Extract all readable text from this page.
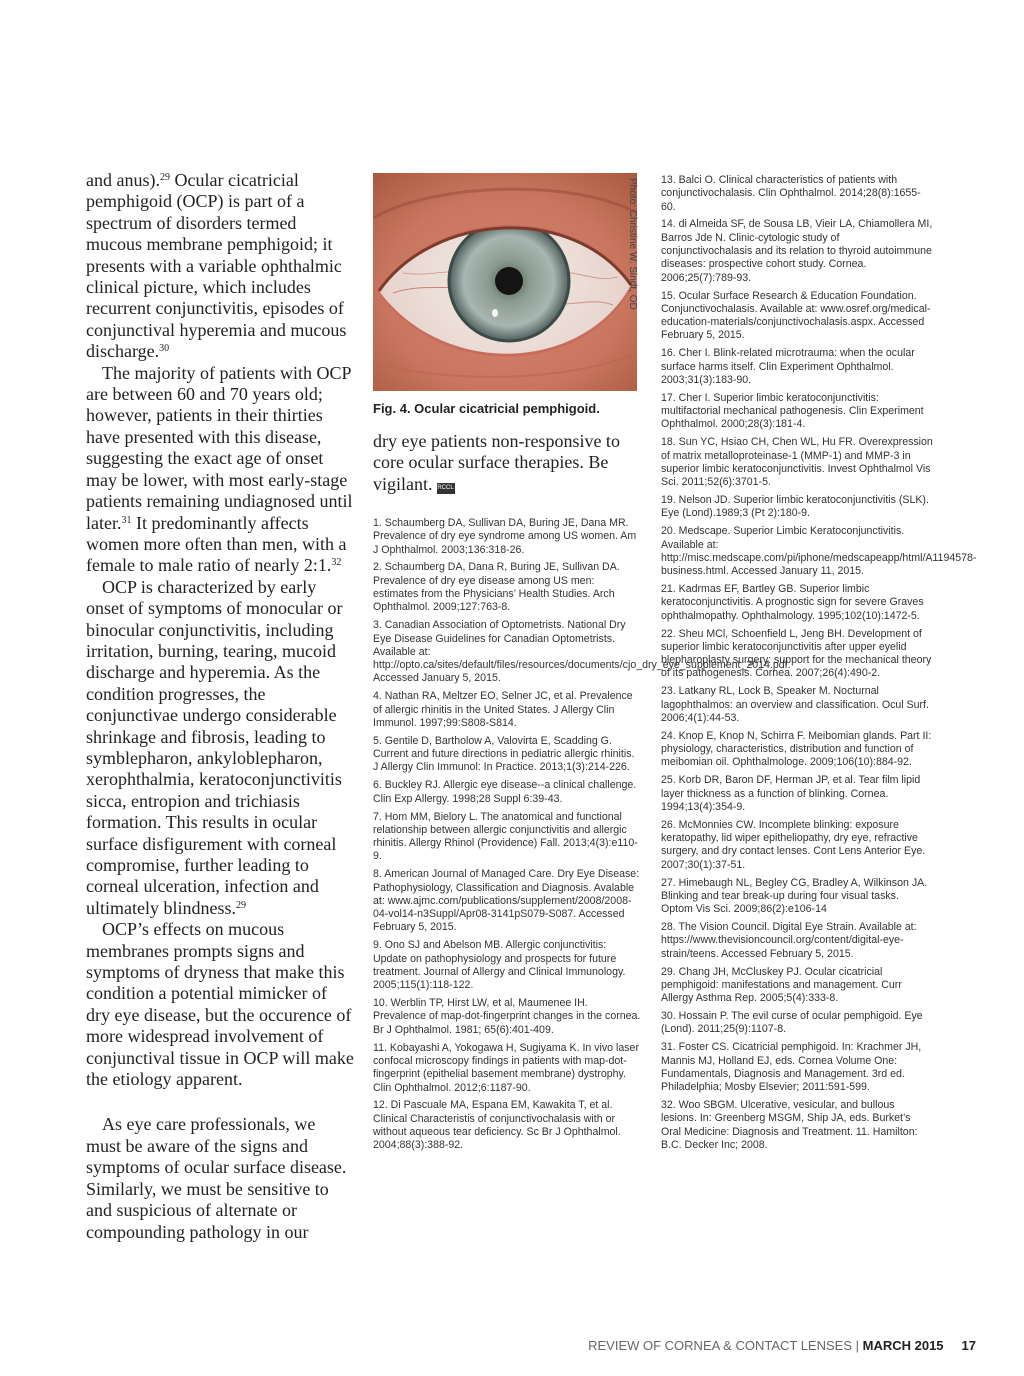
and anus).$^{29}$ Ocular cicatricial pemphigoid (OCP) is part of a spectrum of disorders termed mucous membrane pemphigoid; it presents with a variable ophthalmic clinical picture, which includes recurrent conjunctivitis, episodes of conjunctival hyperemia and mucous discharge.$^{30}$

The majority of patients with OCP are between 60 and 70 years old; however, patients in their thirties have presented with this disease, suggesting the exact age of onset may be lower, with most early-stage patients remaining undiagnosed until later.$^{31}$ It predominantly affects women more often than men, with a female to male ratio of nearly 2:1.32

OCP is characterized by early onset of symptoms of monocular or binocular conjunctivitis, including irritation, burning, tearing, mucoid discharge and hyperemia. As the condition progresses, the conjunctivae undergo considerable shrinkage and fibrosis, leading to symblepharon, ankyloblepharon, xerophthalmia, keratoconjunctivitis sicca, entropion and trichiasis formation. This results in ocular surface disfigurement with corneal compromise, further leading to corneal ulceration, infection and ultimately blindness.$^{29}$

OCP’s effects on mucous membranes prompts signs and symptoms of dryness that make this condition a potential mimicker of dry eye disease, but the occurence of more widespread involvement of conjunctival tissue in OCP will make the etiology apparent.

As eye care professionals, we must be aware of the signs and symptoms of ocular surface disease. Similarly, we must be sensitive to and suspicious of alternate or compounding pathology in our

Photo: Christine W. Sindt, OD
Fig. 4. Ocular cicatricial pemphigoid.
dry eye patients non-responsive to core ocular surface therapies. Be vigilant. RCCL

1. Schaumberg DA, Sullivan DA, Buring JE, Dana MR. Prevalence of dry eye syndrome among US women. Am J Ophthalmol. 2003;136:318-26.

2. Schaumberg DA, Dana R, Buring JE, Sullivan DA. Prevalence of dry eye disease among US men: estimates from the Physicians’ Health Studies. Arch Ophthalmol. 2009;127:763-8.

3. Canadian Association of Optometrists. National Dry Eye Disease Guidelines for Canadian Optometrists. Available at: http://opto.ca/sites/default/files/resources/documents/cjo_dry_eye_supplement_2014.pdf. Accessed January 5, 2015.

4. Nathan RA, Meltzer EO, Selner JC, et al. Prevalence of allergic rhinitis in the United States. J Allergy Clin Immunol. 1997;99:S808-S814.

5. Gentile D, Bartholow A, Valovirta E, Scadding G. Current and future directions in pediatric allergic rhinitis. J Allergy Clin Immunol: In Practice. 2013;1(3):214-226.

6. Buckley RJ. Allergic eye disease--a clinical challenge. Clin Exp Allergy. 1998;28 Suppl 6:39-43.

7. Hom MM, Bielory L. The anatomical and functional relationship between allergic conjunctivitis and allergic rhinitis. Allergy Rhinol (Providence) Fall. 2013;4(3):e110-9.

8. American Journal of Managed Care. Dry Eye Disease: Pathophysiology, Classification and Diagnosis. Avalable at: www.ajmc.com/publications/supplement/2008/2008-04-vol14-n3Suppl/Apr08-3141pS079-S087. Accessed February 5, 2015.

9. Ono SJ and Abelson MB. Allergic conjunctivitis: Update on pathophysiology and prospects for future treatment. Journal of Allergy and Clinical Immunology. 2005;115(1):118-122.

10. Werblin TP, Hirst LW, et al, Maumenee IH. Prevalence of map-dot-fingerprint changes in the cornea. Br J Ophthalmol. 1981; 65(6):401-409.

11. Kobayashi A, Yokogawa H, Sugiyama K. In vivo laser confocal microscopy findings in patients with map-dot-fingerprint (epithelial basement membrane) dystrophy. Clin Ophthalmol. 2012;6:1187-90.

12. Di Pascuale MA, Espana EM, Kawakita T, et al. Clinical Characteristis of conjunctivochalasis with or without aqueous tear deficiency. Sc Br J Ophthalmol. 2004;88(3):388-92.

13. Balci O. Clinical characteristics of patients with conjunctivochalasis. Clin Ophthalmol. 2014;28(8):1655-60.

14. di Almeida SF, de Sousa LB, Vieir LA, Chiamollera MI, Barros Jde N. Clinic-cytologic study of conjunctivochalasis and its relation to thyroid autoimmune diseases: prospective cohort study. Cornea. 2006;25(7):789-93.

15. Ocular Surface Research & Education Foundation. Conjunctivochalasis. Available at: www.osref.org/medical-education-materials/conjunctivochalasis.aspx. Accessed February 5, 2015.

16. Cher I. Blink-related microtrauma: when the ocular surface harms itself. Clin Experiment Ophthalmol. 2003;31(3):183-90.

17. Cher I. Superior limbic keratoconjunctivitis: multifactorial mechanical pathogenesis. Clin Experiment Ophthalmol. 2000;28(3):181-4.

18. Sun YC, Hsiao CH, Chen WL, Hu FR. Overexpression of matrix metalloproteinase-1 (MMP-1) and MMP-3 in superior limbic keratoconjunctivitis. Invest Ophthalmol Vis Sci. 2011;52(6):3701-5.

19. Nelson JD. Superior limbic keratoconjunctivitis (SLK). Eye (Lond).1989;3 (Pt 2):180-9.

20. Medscape. Superior Limbic Keratoconjunctivitis. Available at: http://misc.medscape.com/pi/iphone/medscapeapp/html/A1194578-business.html. Accessed January 11, 2015.

21. Kadrmas EF, Bartley GB. Superior limbic keratoconjunctivitis. A prognostic sign for severe Graves ophthalmopathy. Ophthalmology. 1995;102(10):1472-5.

22. Sheu MCl, Schoenfield L, Jeng BH. Development of superior limbic keratoconjunctivitis after upper eyelid blepharoplasty surgery: support for the mechanical theory of its pathogenesis. Cornea. 2007;26(4):490-2.

23. Latkany RL, Lock B, Speaker M. Nocturnal lagophthalmos: an overview and classification. Ocul Surf. 2006;4(1):44-53.

24. Knop E, Knop N, Schirra F. Meibomian glands. Part II: physiology, characteristics, distribution and function of meibomian oil. Ophthalmologe. 2009;106(10):884-92.

25. Korb DR, Baron DF, Herman JP, et al. Tear film lipid layer thickness as a function of blinking. Cornea. 1994;13(4):354-9.

26. McMonnies CW. Incomplete blinking: exposure keratopathy, lid wiper epitheliopathy, dry eye, refractive surgery, and dry contact lenses. Cont Lens Anterior Eye. 2007;30(1):37-51.

27. Himebaugh NL, Begley CG, Bradley A, Wilkinson JA. Blinking and tear break-up during four visual tasks. Optom Vis Sci. 2009;86(2):e106-14

28. The Vision Council. Digital Eye Strain. Available at: https://www.thevisioncouncil.org/content/digital-eye-strain/teens. Accessed February 5, 2015.

29. Chang JH, McCluskey PJ. Ocular cicatricial pemphigoid: manifestations and management. Curr Allergy Asthma Rep. 2005;5(4):333-8.

30. Hossain P. The evil curse of ocular pemphigoid. Eye (Lond). 2011;25(9):1107-8.

31. Foster CS. Cicatricial pemphigoid. In: Krachmer JH, Mannis MJ, Holland EJ, eds. Cornea Volume One: Fundamentals, Diagnosis and Management. 3rd ed. Philadelphia; Mosby Elsevier; 2011:591-599.

32. Woo SBGM. Ulcerative, vesicular, and bullous lesions. In: Greenberg MSGM, Ship JA, eds. Burket’s Oral Medicine: Diagnosis and Treatment. 11. Hamilton: B.C. Decker Inc; 2008.

REVIEW OF CORNEA & CONTACT LENSES | MARCH 2015 17
